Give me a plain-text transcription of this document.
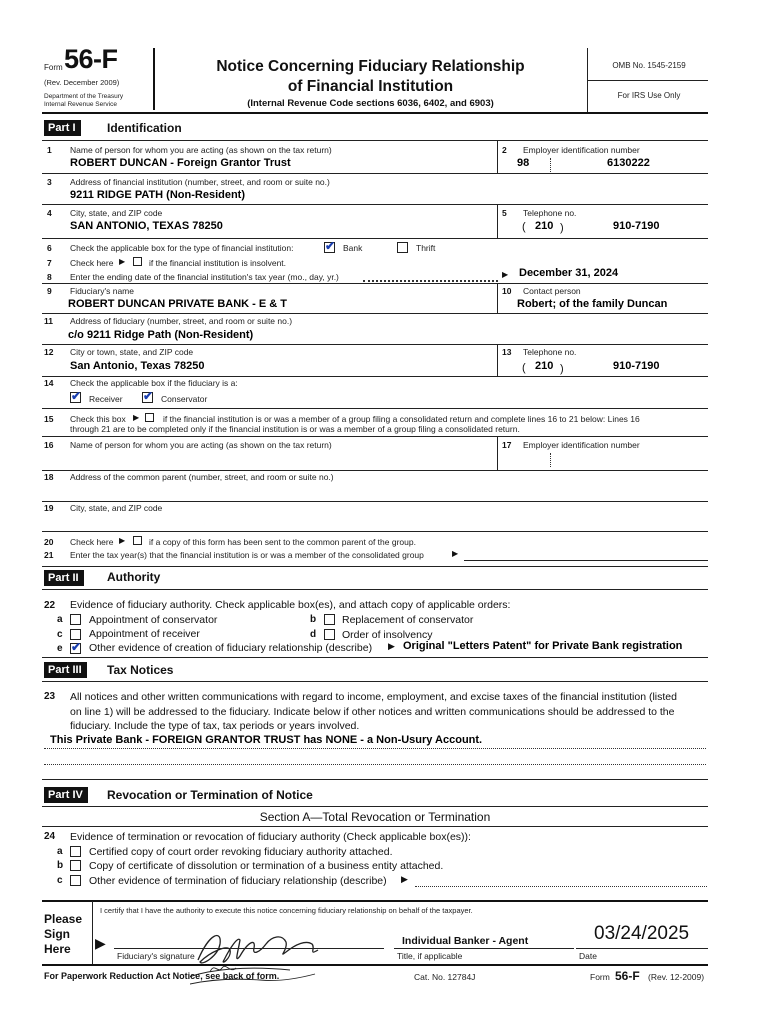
Form 56-F
(Rev. December 2009)
Department of the Treasury
Internal Revenue Service
Notice Concerning Fiduciary Relationship
of Financial Institution
(Internal Revenue Code sections 6036, 6402, and 6903)
OMB No. 1545-2159
For IRS Use Only
Part I	Identification
1 Name of person for whom you are acting (as shown on the tax return)
ROBERT DUNCAN - Foreign Grantor Trust
2 Employer identification number
98	6130222
3 Address of financial institution (number, street, and room or suite no.)
9211 RIDGE PATH (Non-Resident)
4 City, state, and ZIP code
SAN ANTONIO, TEXAS 78250
5 Telephone no.
( 210 )	910-7190
6 Check the applicable box for the type of financial institution:	✔ Bank	Thrift
7 Check here ▶	if the financial institution is insolvent.
8 Enter the ending date of the financial institution's tax year (mo., day, yr.)	▶ December 31, 2024
9 Fiduciary's name
ROBERT DUNCAN PRIVATE BANK - E & T
10 Contact person
Robert; of the family Duncan
11 Address of fiduciary (number, street, and room or suite no.)
c/o 9211 Ridge Path (Non-Resident)
12 City or town, state, and ZIP code
San Antonio, Texas 78250
13 Telephone no.
( 210 )	910-7190
14 Check the applicable box if the fiduciary is a:
✔ Receiver ✔ Conservator
15 Check this box ▶	if the financial institution is or was a member of a group filing a consolidated return and complete lines 16 to 21 below: Lines 16
through 21 are to be completed only if the financial institution is or was a member of a group filing a consolidated return.
16 Name of person for whom you are acting (as shown on the tax return)	17 Employer identification number
18 Address of the common parent (number, street, and room or suite no.)
19 City, state, and ZIP code
20 Check here ▶	if a copy of this form has been sent to the common parent of the group.
21 Enter the tax year(s) that the financial institution is or was a member of the consolidated group	▶
Part II	Authority
22 Evidence of fiduciary authority. Check applicable box(es), and attach copy of applicable orders:
a	Appointment of conservator	b Replacement of conservator
c	Appointment of receiver	d Order of insolvency
e ✔ Other evidence of creation of fiduciary relationship (describe) ▶ Original "Letters Patent" for Private Bank registration
Part III	Tax Notices
23 All notices and other written communications with regard to income, employment, and excise taxes of the financial institution (listed
on line 1) will be addressed to the fiduciary. Indicate below if other notices and written communications should be addressed to the
fiduciary. Include the type of tax, tax periods or years involved.
This Private Bank - FOREIGN GRANTOR TRUST has NONE - a Non-Usury Account.
Part IV	Revocation or Termination of Notice
Section A—Total Revocation or Termination
24 Evidence of termination or revocation of fiduciary authority (Check applicable box(es)):
a	Certified copy of court order revoking fiduciary authority attached.
b Copy of certificate of dissolution or termination of a business entity attached.
c	Other evidence of termination of fiduciary relationship (describe) ▶
Please
Sign
Here
I certify that I have the authority to execute this notice concerning fiduciary relationship on behalf of the taxpayer.
▶
Fiduciary's signature
Individual Banker - Agent
Title, if applicable
03/24/2025
Date
For Paperwork Reduction Act Notice, see back of form.	Cat. No. 12784J	Form 56-F (Rev. 12-2009)
